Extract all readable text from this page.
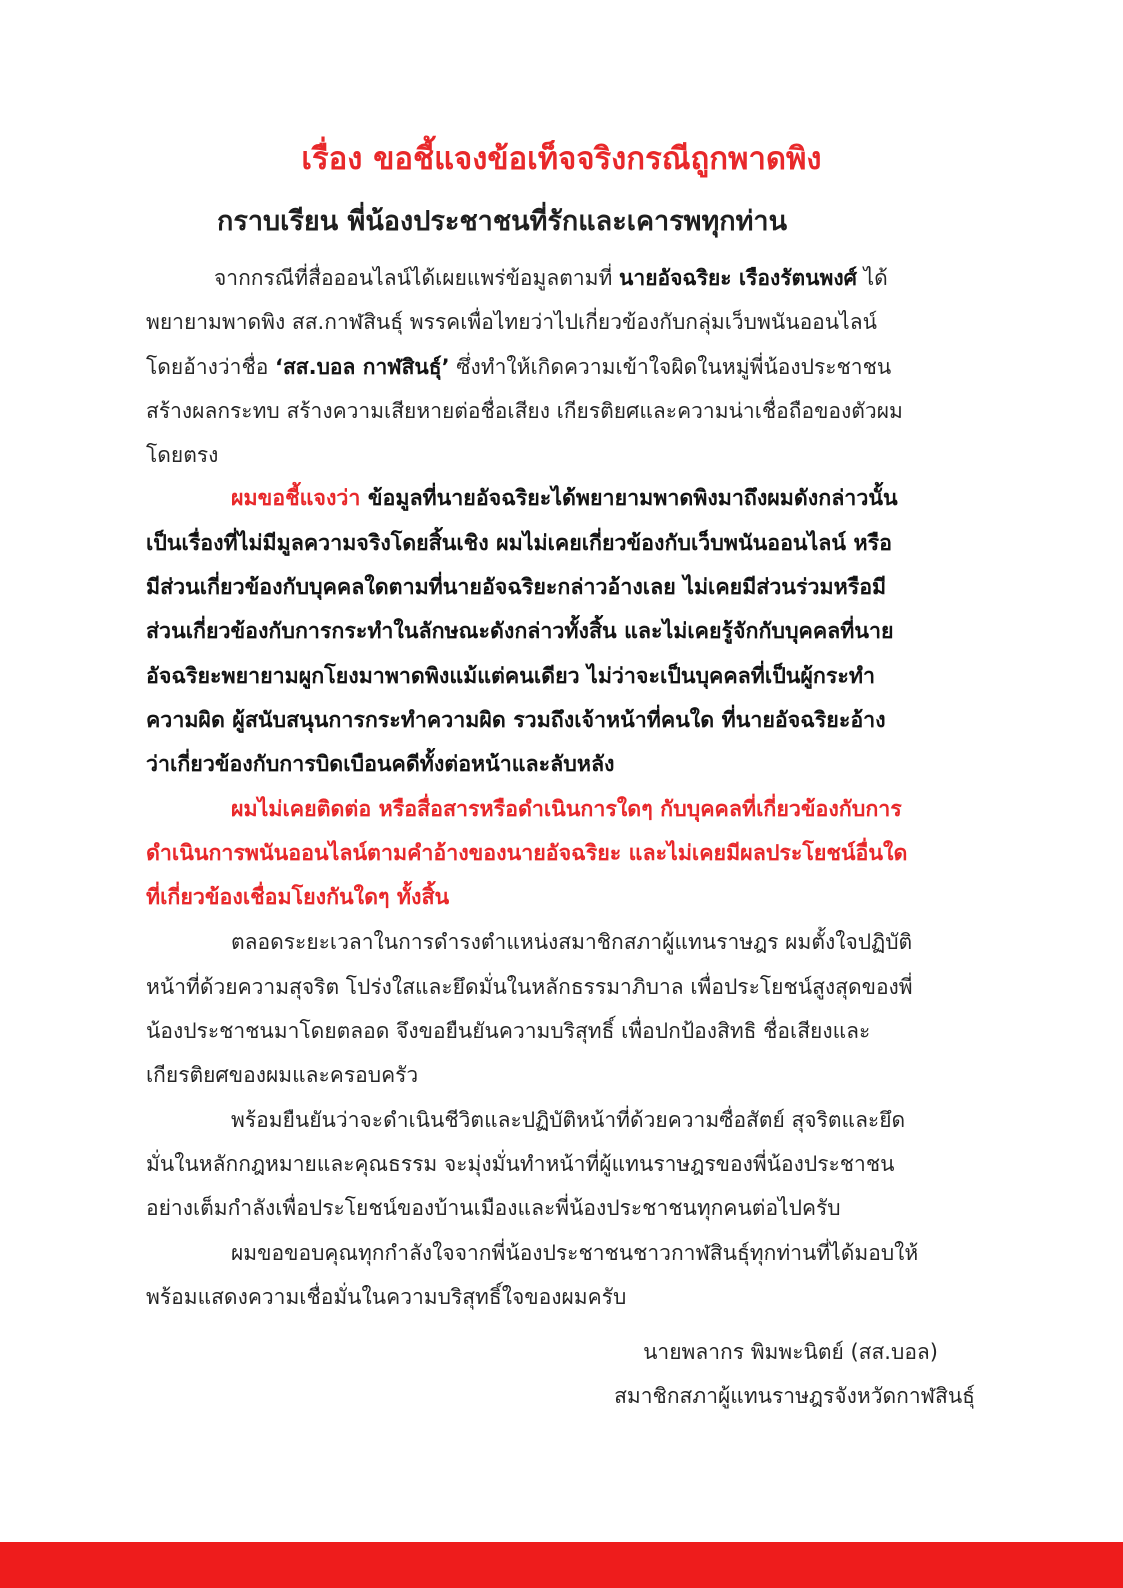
เรื่อง ขอชี้แจงข้อเท็จจริงกรณีถูกพาดพิง
กราบเรียน พี่น้องประชาชนที่รักและเคารพทุกท่าน
จากกรณีที่สื่อออนไลน์ได้เผยแพร่ข้อมูลตามที่ นายอัจฉริยะ เรืองรัตนพงศ์ ได้
พยายามพาดพิง สส.กาฬสินธุ์ พรรคเพื่อไทยว่าไปเกี่ยวข้องกับกลุ่มเว็บพนันออนไลน์
โดยอ้างว่าชื่อ ‘สส.บอล กาฬสินธุ์’ ซึ่งทำให้เกิดความเข้าใจผิดในหมู่พี่น้องประชาชน
สร้างผลกระทบ สร้างความเสียหายต่อชื่อเสียง เกียรติยศและความน่าเชื่อถือของตัวผม
โดยตรง
ผมขอชี้แจงว่า ข้อมูลที่นายอัจฉริยะได้พยายามพาดพิงมาถึงผมดังกล่าวนั้น
เป็นเรื่องที่ไม่มีมูลความจริงโดยสิ้นเชิง ผมไม่เคยเกี่ยวข้องกับเว็บพนันออนไลน์ หรือ
มีส่วนเกี่ยวข้องกับบุคคลใดตามที่นายอัจฉริยะกล่าวอ้างเลย ไม่เคยมีส่วนร่วมหรือมี
ส่วนเกี่ยวข้องกับการกระทำในลักษณะดังกล่าวทั้งสิ้น และไม่เคยรู้จักกับบุคคลที่นาย
อัจฉริยะพยายามผูกโยงมาพาดพิงแม้แต่คนเดียว ไม่ว่าจะเป็นบุคคลที่เป็นผู้กระทำ
ความผิด ผู้สนับสนุนการกระทำความผิด รวมถึงเจ้าหน้าที่คนใด ที่นายอัจฉริยะอ้าง
ว่าเกี่ยวข้องกับการบิดเบือนคดีทั้งต่อหน้าและลับหลัง
ผมไม่เคยติดต่อ หรือสื่อสารหรือดำเนินการใดๆ กับบุคคลที่เกี่ยวข้องกับการ
ดำเนินการพนันออนไลน์ตามคำอ้างของนายอัจฉริยะ และไม่เคยมีผลประโยชน์อื่นใด
ที่เกี่ยวข้องเชื่อมโยงกันใดๆ ทั้งสิ้น
ตลอดระยะเวลาในการดำรงตำแหน่งสมาชิกสภาผู้แทนราษฎร ผมตั้งใจปฏิบัติ
หน้าที่ด้วยความสุจริต โปร่งใสและยึดมั่นในหลักธรรมาภิบาล เพื่อประโยชน์สูงสุดของพี่
น้องประชาชนมาโดยตลอด จึงขอยืนยันความบริสุทธิ์ เพื่อปกป้องสิทธิ ชื่อเสียงและ
เกียรติยศของผมและครอบครัว
พร้อมยืนยันว่าจะดำเนินชีวิตและปฏิบัติหน้าที่ด้วยความซื่อสัตย์ สุจริตและยึด
มั่นในหลักกฎหมายและคุณธรรม จะมุ่งมั่นทำหน้าที่ผู้แทนราษฎรของพี่น้องประชาชน
อย่างเต็มกำลังเพื่อประโยชน์ของบ้านเมืองและพี่น้องประชาชนทุกคนต่อไปครับ
ผมขอขอบคุณทุกกำลังใจจากพี่น้องประชาชนชาวกาฬสินธุ์ทุกท่านที่ได้มอบให้
พร้อมแสดงความเชื่อมั่นในความบริสุทธิ์ใจของผมครับ
นายพลากร พิมพะนิตย์ (สส.บอล)
สมาชิกสภาผู้แทนราษฎรจังหวัดกาฬสินธุ์
